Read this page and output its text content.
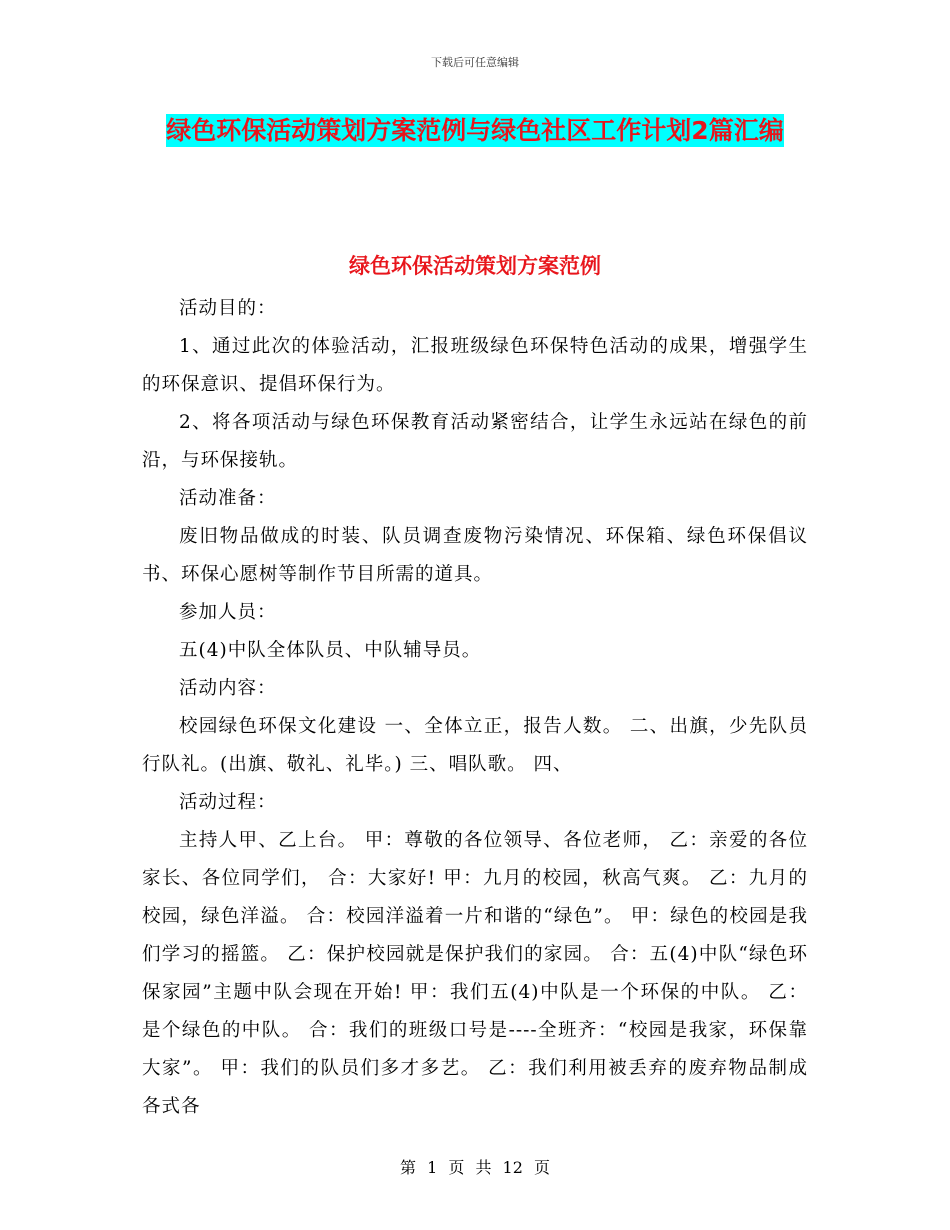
下载后可任意编辑
绿色环保活动策划方案范例与绿色社区工作计划2篇汇编
绿色环保活动策划方案范例

活动目的：

1、通过此次的体验活动，汇报班级绿色环保特色活动的成果，增强学生的环保意识、提倡环保行为。

2、将各项活动与绿色环保教育活动紧密结合，让学生永远站在绿色的前沿，与环保接轨。

活动准备：

废旧物品做成的时装、队员调查废物污染情况、环保箱、绿色环保倡议书、环保心愿树等制作节目所需的道具。

参加人员：

五(4)中队全体队员、中队辅导员。

活动内容：

校园绿色环保文化建设 一、全体立正，报告人数。 二、出旗，少先队员行队礼。(出旗、敬礼、礼毕。) 三、唱队歌。 四、

活动过程：

主持人甲、乙上台。 甲：尊敬的各位领导、各位老师， 乙：亲爱的各位家长、各位同学们， 合：大家好! 甲：九月的校园，秋高气爽。 乙：九月的校园，绿色洋溢。 合：校园洋溢着一片和谐的“绿色”。 甲：绿色的校园是我们学习的摇篮。 乙：保护校园就是保护我们的家园。 合：五(4)中队“绿色环保家园”主题中队会现在开始! 甲：我们五(4)中队是一个环保的中队。 乙：是个绿色的中队。 合：我们的班级口号是----全班齐：“校园是我家，环保靠大家”。 甲：我们的队员们多才多艺。 乙：我们利用被丢弃的废弃物品制成各式各

第 1 页 共 12 页
